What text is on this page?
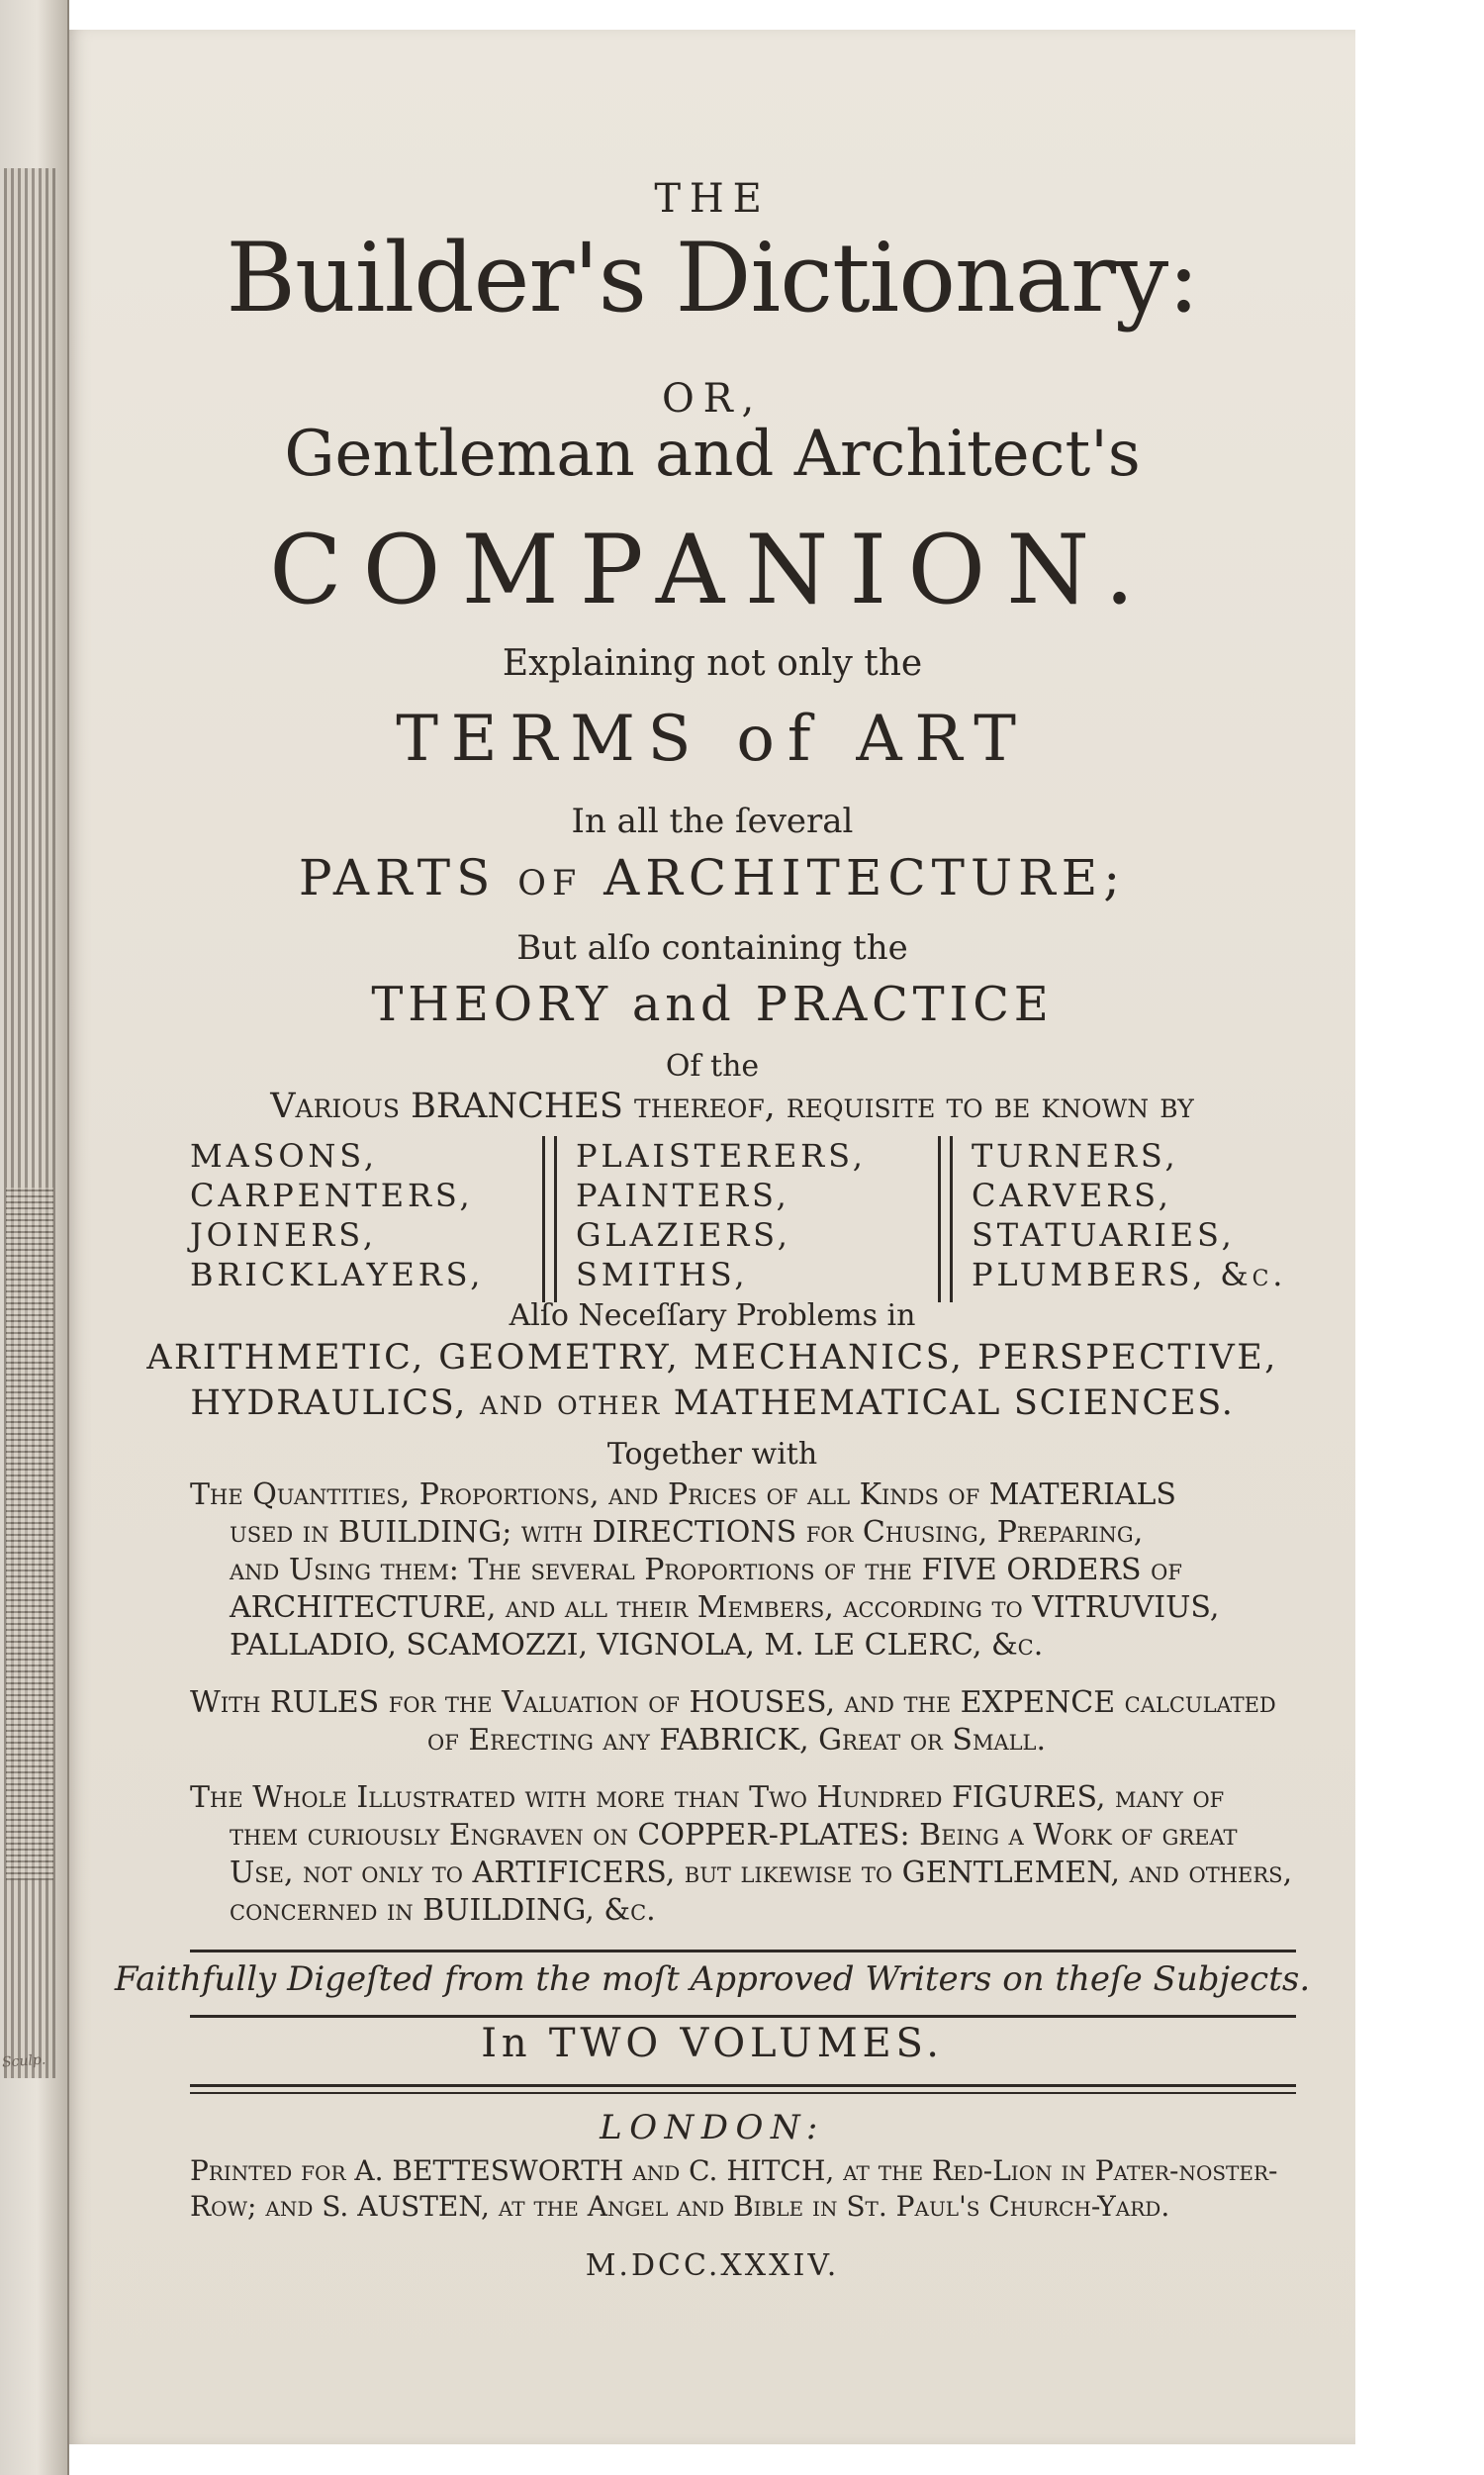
Sculp.
THE
Builder's Dictionary:
OR,
Gentleman and Architect's
COMPANION.
Explaining not only the
TERMS of ART
In all the ſeveral
PARTS of ARCHITECTURE;
But alſo containing the
THEORY and PRACTICE
Of the
Various BRANCHES thereof, requiſite to be known by
MASONS,
CARPENTERS,
JOINERS,
BRICKLAYERS,
PLAISTERERS,
PAINTERS,
GLAZIERS,
SMITHS,
TURNERS,
CARVERS,
STATUARIES,
PLUMBERS, &c.
Alſo Neceſſary Problems in
ARITHMETIC, GEOMETRY, MECHANICS, PERSPECTIVE,
HYDRAULICS, and other MATHEMATICAL SCIENCES.
Together with
The Quantities, Proportions, and Prices of all Kinds of MATERIALS
uſed in BUILDING; with DIRECTIONS for Chuſing, Preparing,
and Uſing them: The ſeveral Proportions of the FIVE ORDERS of
ARCHITECTURE, and all their Members, according to VITRUVIUS,
PALLADIO, SCAMOZZI, VIGNOLA, M. LE CLERC, &c.
With RULES for the Valuation of HOUSES, and the EXPENCE calculated
of Erecting any FABRICK, Great or Small.
The Whole Illuſtrated with more than Two Hundred FIGURES, many of
them curiouſly Engraven on COPPER-PLATES: Being a Work of great
Uſe, not only to ARTIFICERS, but likewiſe to GENTLEMEN, and others,
concerned in BUILDING, &c.
Faithfully Digeſted from the moſt Approved Writers on theſe Subjects.
In TWO VOLUMES.
LONDON:
Printed for A. BETTESWORTH and C. HITCH, at the Red-Lion in Pater-noſter-
Row; and S. AUSTEN, at the Angel and Bible in St. Paul's Church-Yard.
M.DCC.XXXIV.
